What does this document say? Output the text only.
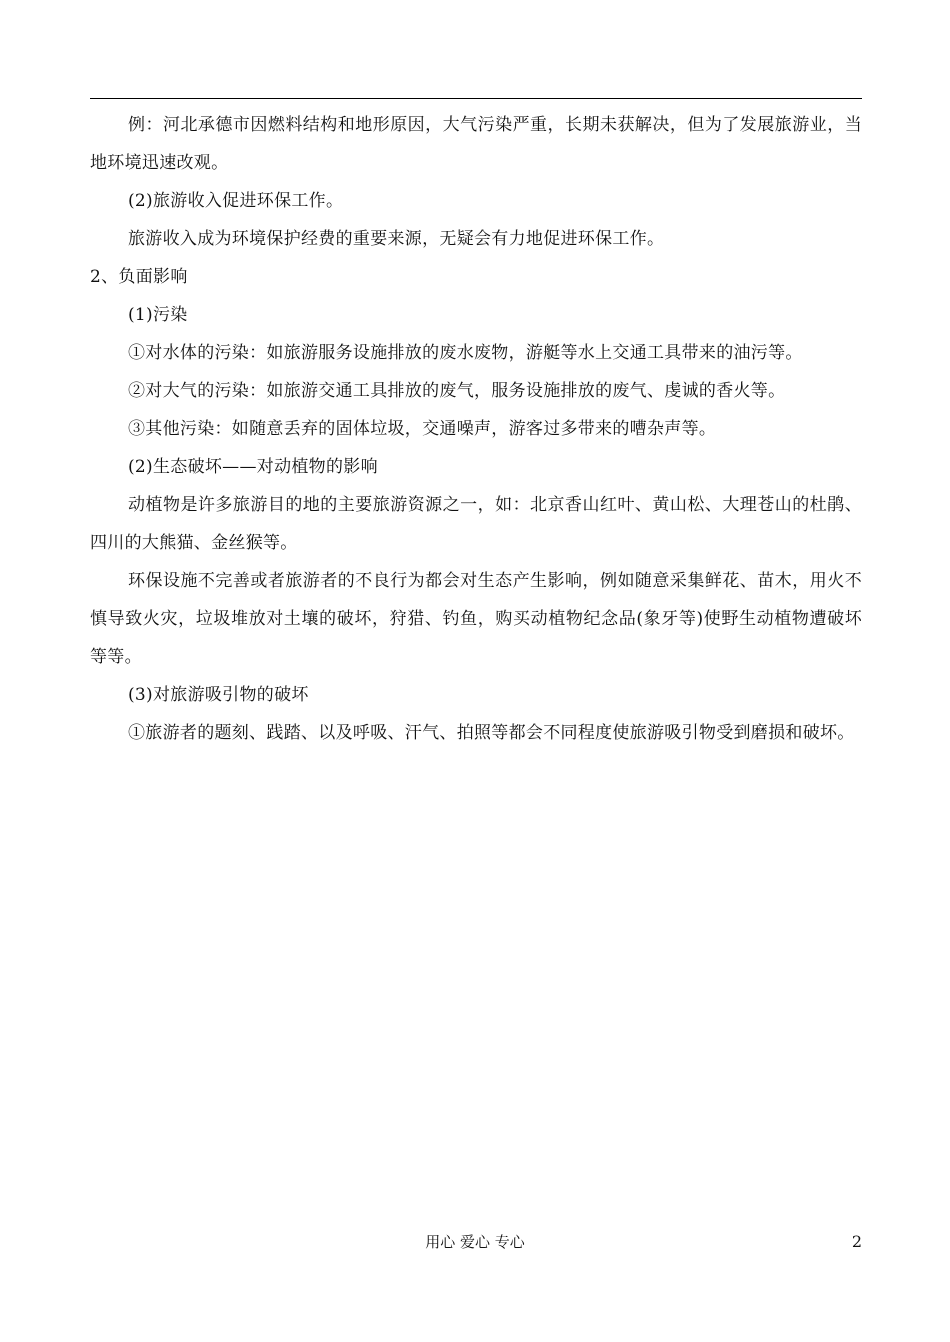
例：河北承德市因燃料结构和地形原因，大气污染严重，长期未获解决，但为了发展旅游业，当地环境迅速改观。

(2)旅游收入促进环保工作。

旅游收入成为环境保护经费的重要来源，无疑会有力地促进环保工作。

2、负面影响

(1)污染

①对水体的污染：如旅游服务设施排放的废水废物，游艇等水上交通工具带来的油污等。

②对大气的污染：如旅游交通工具排放的废气，服务设施排放的废气、虔诚的香火等。

③其他污染：如随意丢弃的固体垃圾，交通噪声，游客过多带来的嘈杂声等。

(2)生态破坏——对动植物的影响

动植物是许多旅游目的地的主要旅游资源之一，如：北京香山红叶、黄山松、大理苍山的杜鹃、四川的大熊猫、金丝猴等。

环保设施不完善或者旅游者的不良行为都会对生态产生影响，例如随意采集鲜花、苗木，用火不慎导致火灾，垃圾堆放对土壤的破坏，狩猎、钓鱼，购买动植物纪念品(象牙等)使野生动植物遭破坏等等。

(3)对旅游吸引物的破坏

①旅游者的题刻、践踏、以及呼吸、汗气、拍照等都会不同程度使旅游吸引物受到磨损和破坏。

用心 爱心 专心	2
